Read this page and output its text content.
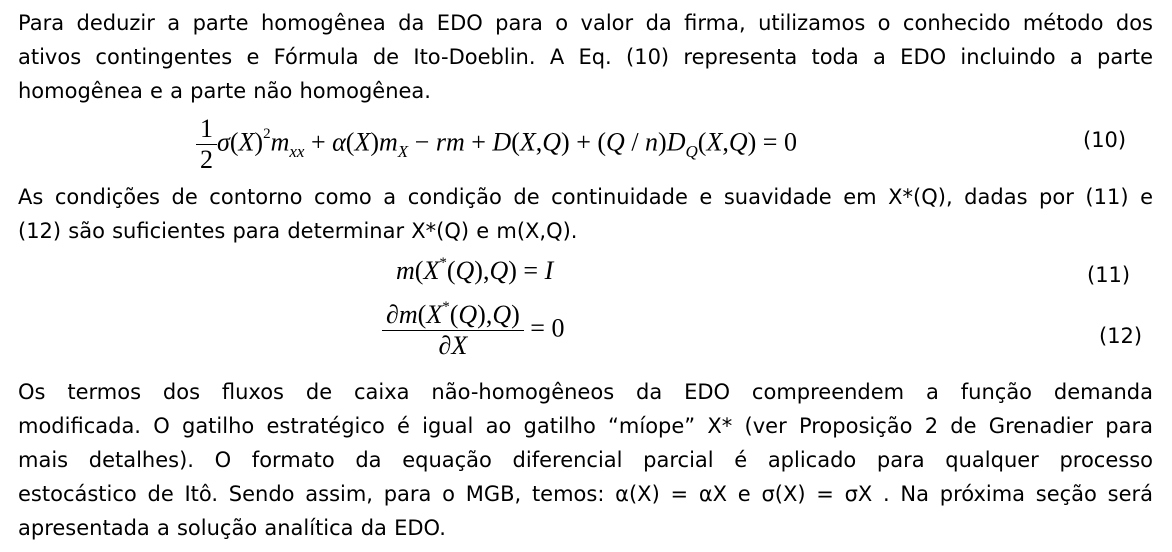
Para deduzir a parte homogênea da EDO para o valor da firma, utilizamos o conhecido método dos
ativos contingentes e Fórmula de Ito-Doeblin. A Eq. (10) representa toda a EDO incluindo a parte
homogênea e a parte não homogênea.
$\frac{1}{2} \sigma(X)^2m_{xx} + \alpha(X)m_X$ − rm + $D(X,Q) + (Q / n)D_Q(X,Q) = 0$	(10)
As condições de contorno como a condição de continuidade e suavidade em X*(Q), dadas por (11) e
(12) são suficientes para determinar X*(Q) e m(X,Q).
m(X*(Q),Q) = I	(11)
$\frac{\partial m(X^*(Q),Q)}{\partial X} = 0$	(12)
Os termos dos fluxos de caixa não-homogêneos da EDO compreendem a função demanda
modificada. O gatilho estratégico é igual ao gatilho “míope” X* (ver Proposição 2 de Grenadier para
mais detalhes). O formato da equação diferencial parcial é aplicado para qualquer processo
estocástico de Itô. Sendo assim, para o MGB, temos: α(X) = αX e σ(X) = σX . Na próxima seção será
apresentada a solução analítica da EDO.
